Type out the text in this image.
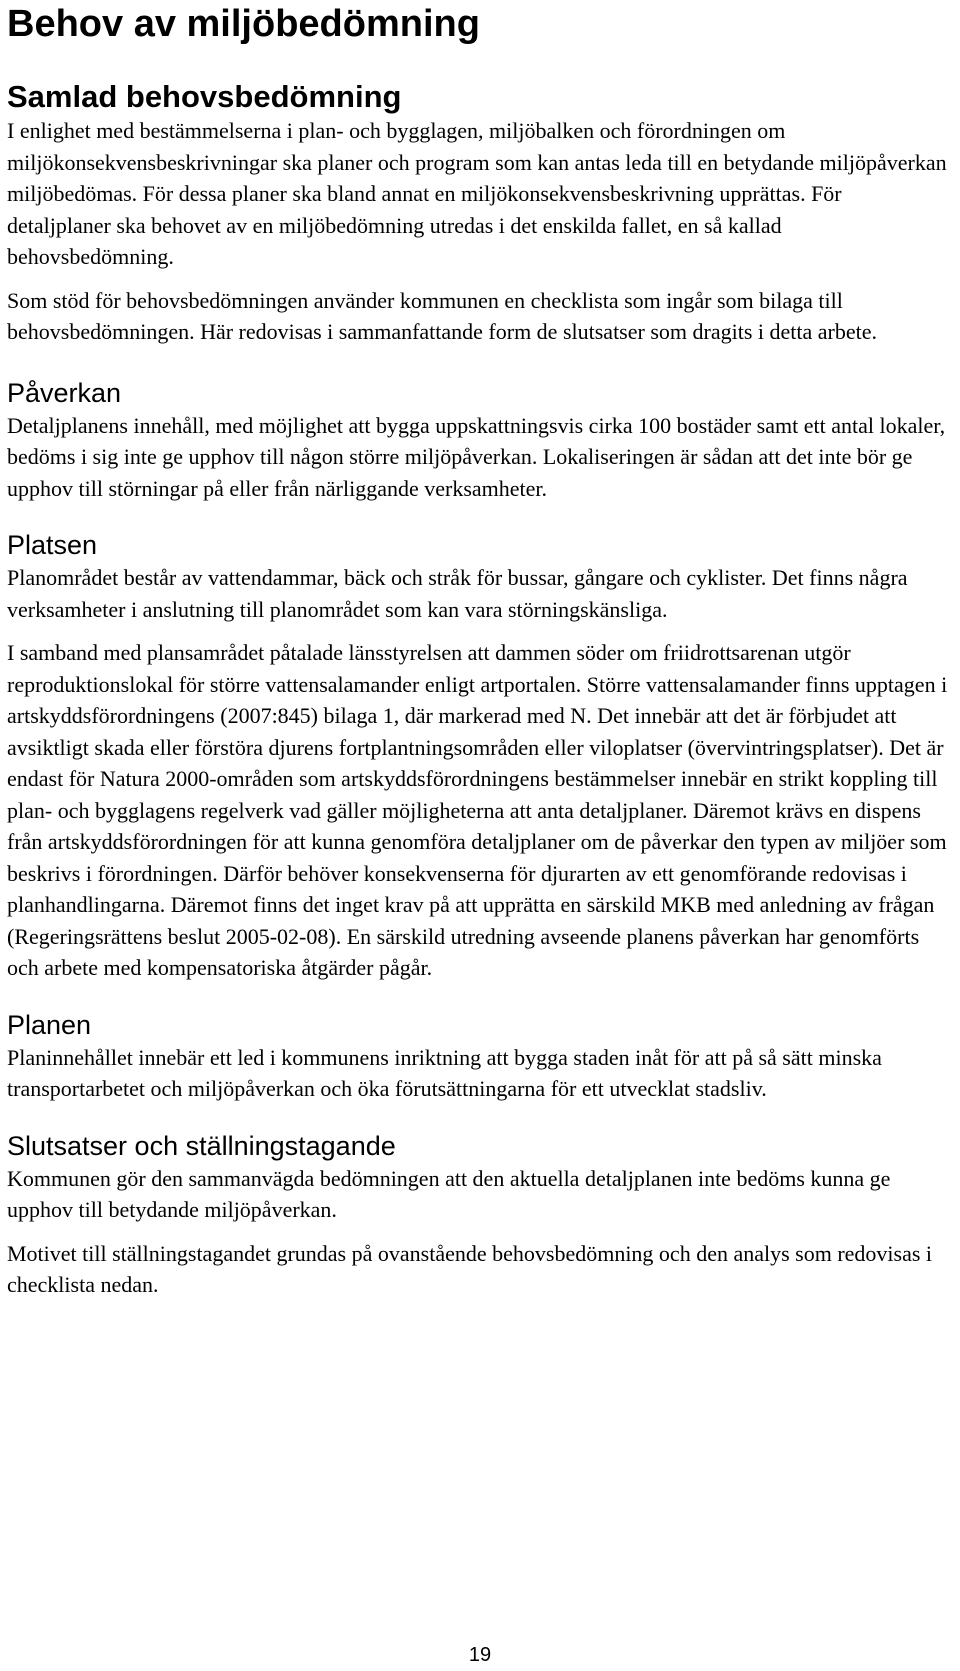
Behov av miljöbedömning
Samlad behovsbedömning

I enlighet med bestämmelserna i plan- och bygglagen, miljöbalken och förordningen om miljökonsekvensbeskrivningar ska planer och program som kan antas leda till en betydande miljöpåverkan miljöbedömas. För dessa planer ska bland annat en miljökonsekvensbeskrivning upprättas. För detaljplaner ska behovet av en miljöbedömning utredas i det enskilda fallet, en så kallad behovsbedömning.

Som stöd för behovsbedömningen använder kommunen en checklista som ingår som bilaga till behovsbedömningen. Här redovisas i sammanfattande form de slutsatser som dragits i detta arbete.

Påverkan

Detaljplanens innehåll, med möjlighet att bygga uppskattningsvis cirka 100 bostäder samt ett antal lokaler, bedöms i sig inte ge upphov till någon större miljöpåverkan. Lokaliseringen är sådan att det inte bör ge upphov till störningar på eller från närliggande verksamheter.

Platsen

Planområdet består av vattendammar, bäck och stråk för bussar, gångare och cyklister. Det finns några verksamheter i anslutning till planområdet som kan vara störningskänsliga.

I samband med plansamrådet påtalade länsstyrelsen att dammen söder om friidrottsarenan utgör reproduktionslokal för större vattensalamander enligt artportalen. Större vattensalamander finns upptagen i artskyddsförordningens (2007:845) bilaga 1, där markerad med N. Det innebär att det är förbjudet att avsiktligt skada eller förstöra djurens fortplantningsområden eller viloplatser (övervintringsplatser). Det är endast för Natura 2000-områden som artskyddsförordningens bestämmelser innebär en strikt koppling till plan- och bygglagens regelverk vad gäller möjligheterna att anta detaljplaner. Däremot krävs en dispens från artskyddsförordningen för att kunna genomföra detaljplaner om de påverkar den typen av miljöer som beskrivs i förordningen. Därför behöver konsekvenserna för djurarten av ett genomförande redovisas i planhandlingarna. Däremot finns det inget krav på att upprätta en särskild MKB med anledning av frågan (Regeringsrättens beslut 2005-02-08). En särskild utredning avseende planens påverkan har genomförts och arbete med kompensatoriska åtgärder pågår.

Planen

Planinnehållet innebär ett led i kommunens inriktning att bygga staden inåt för att på så sätt minska transportarbetet och miljöpåverkan och öka förutsättningarna för ett utvecklat stadsliv.

Slutsatser och ställningstagande

Kommunen gör den sammanvägda bedömningen att den aktuella detaljplanen inte bedöms kunna ge upphov till betydande miljöpåverkan.

Motivet till ställningstagandet grundas på ovanstående behovsbedömning och den analys som redovisas i checklista nedan.

19
